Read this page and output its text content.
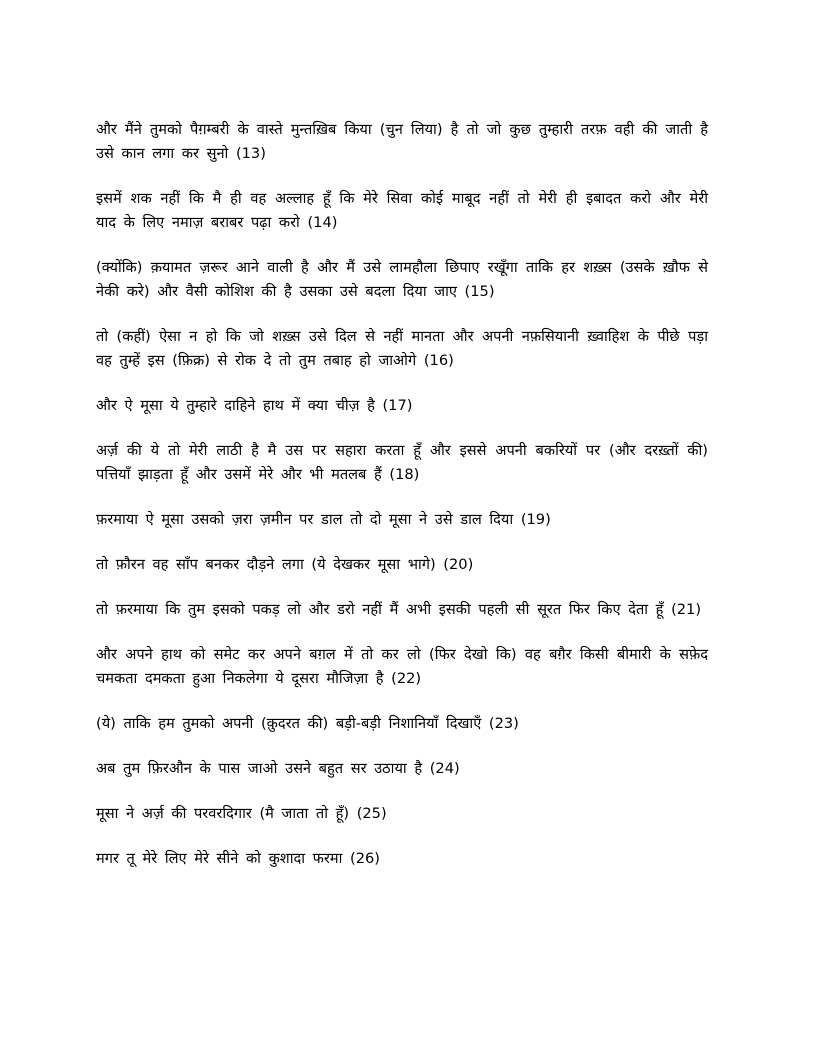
और मैंने तुमको पैग़म्बरी के वास्ते मुन्तख़िब किया (चुन लिया) है तो जो कुछ तुम्हारी तरफ़ वही की जाती है उसे कान लगा कर सुनो (13)

इसमें शक नहीं कि मै ही वह अल्लाह हूँ कि मेरे सिवा कोई माबूद नहीं तो मेरी ही इबादत करो और मेरी याद के लिए नमाज़ बराबर पढ़ा करो (14)

(क्योंकि) क़यामत ज़रूर आने वाली है और मैं उसे लामहौला छिपाए रखूँगा ताकि हर शख़्स (उसके ख़ौफ से नेकी करे) और वैसी कोशिश की है उसका उसे बदला दिया जाए (15)

तो (कहीं) ऐसा न हो कि जो शख़्स उसे दिल से नहीं मानता और अपनी नफ़सियानी ख़्वाहिश के पीछे पड़ा वह तुम्हें इस (फ़िक्र) से रोक दे तो तुम तबाह हो जाओगे (16)

और ऐ मूसा ये तुम्हारे दाहिने हाथ में क्या चीज़ है (17)

अर्ज़ की ये तो मेरी लाठी है मै उस पर सहारा करता हूँ और इससे अपनी बकरियों पर (और दरख़्तों की) पत्तियाँ झाड़ता हूँ और उसमें मेरे और भी मतलब हैं (18)

फ़रमाया ऐ मूसा उसको ज़रा ज़मीन पर डाल तो दो मूसा ने उसे डाल दिया (19)

तो फ़ौरन वह साँप बनकर दौड़ने लगा (ये देखकर मूसा भागे) (20)

तो फ़रमाया कि तुम इसको पकड़ लो और डरो नहीं मैं अभी इसकी पहली सी सूरत फिर किए देता हूँ (21)

और अपने हाथ को समेट कर अपने बग़ल में तो कर लो (फिर देखो कि) वह बग़ैर किसी बीमारी के सफ़ेद चमकता दमकता हुआ निकलेगा ये दूसरा मौजिज़ा है (22)

(ये) ताकि हम तुमको अपनी (क़ुदरत की) बड़ी-बड़ी निशानियाँ दिखाएँ (23)

अब तुम फ़िरऔन के पास जाओ उसने बहुत सर उठाया है (24)

मूसा ने अर्ज़ की परवरदिगार (मै जाता तो हूँ) (25)

मगर तू मेरे लिए मेरे सीने को कुशादा फरमा (26)
